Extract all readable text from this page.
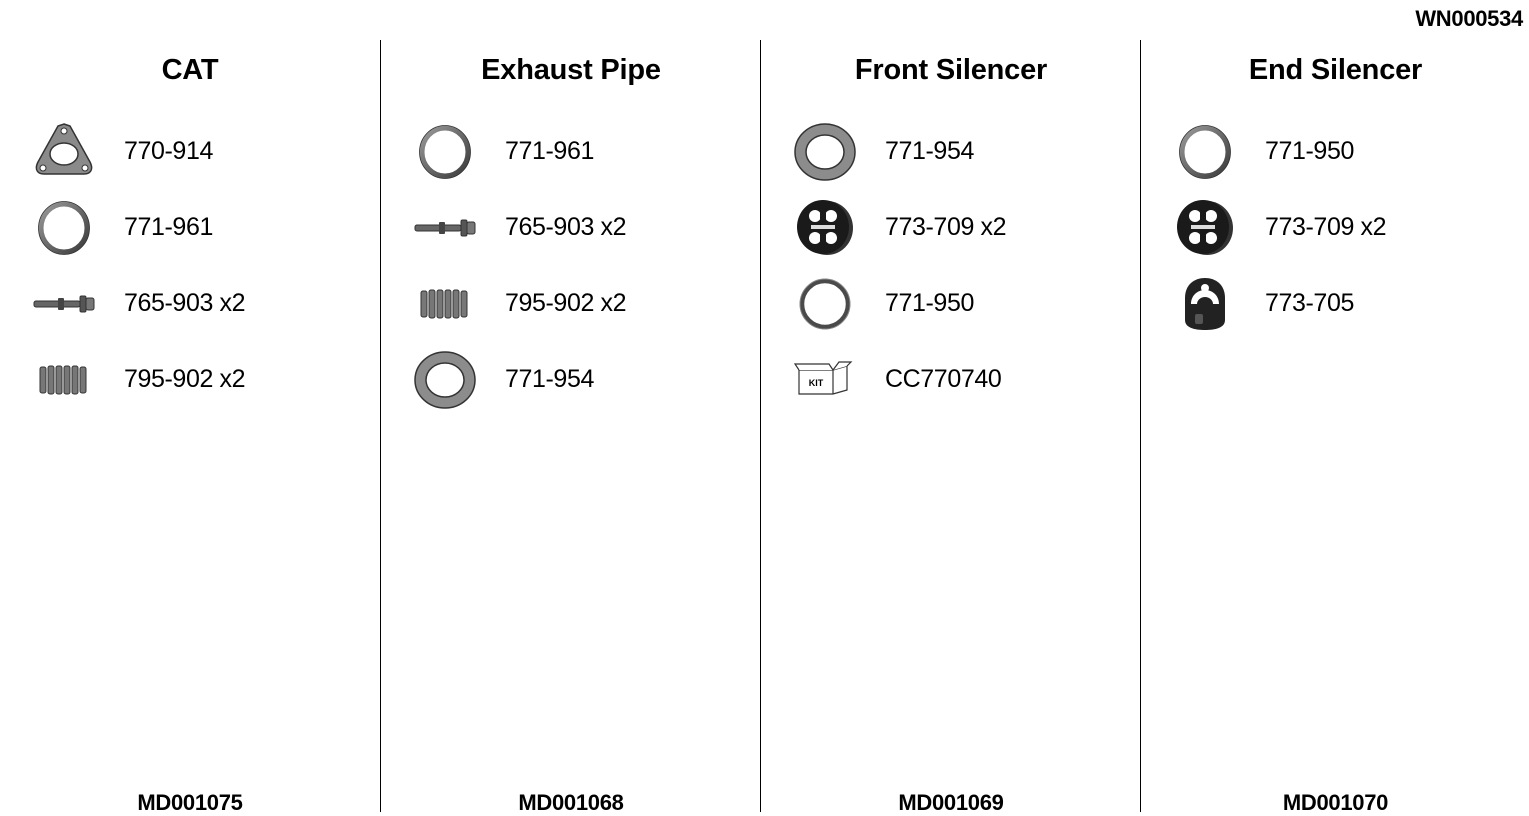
WN000534
CAT
770-914
771-961
765-903 x2
795-902 x2
MD001075
Exhaust Pipe
771-961
765-903 x2
795-902 x2
771-954
MD001068
Front Silencer
771-954
773-709 x2
771-950
KIT CC770740
MD001069
End Silencer
771-950
773-709 x2
773-705
MD001070
